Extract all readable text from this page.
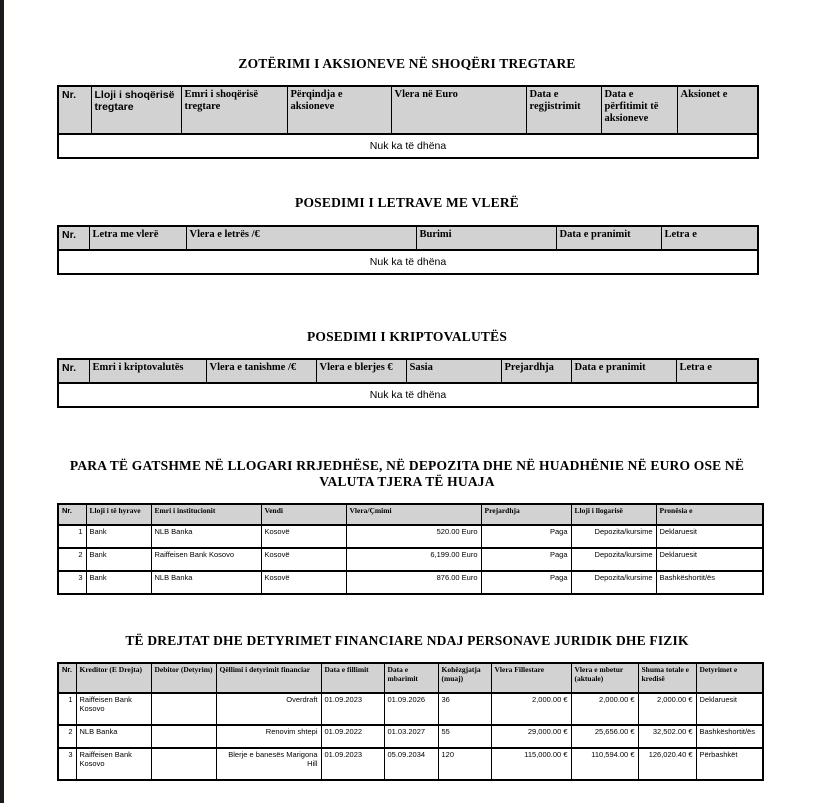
ZOTËRIMI I AKSIONEVE NË SHOQËRI TREGTARE
Nr.	Lloji i shoqërisë tregtare	Emri i shoqërisë tregtare	Përqindja e aksioneve	Vlera në Euro	Data e regjistrimit	Data e përfitimit të aksioneve	Aksionet e
Nuk ka të dhëna
POSEDIMI I LETRAVE ME VLERË
Nr.	Letra me vlerë	Vlera e letrës /€	Burimi	Data e pranimit	Letra e
Nuk ka të dhëna
POSEDIMI I KRIPTOVALUTËS
Nr.	Emri i kriptovalutës	Vlera e tanishme /€	Vlera e blerjes €	Sasia	Prejardhja	Data e pranimit	Letra e
Nuk ka të dhëna
PARA TË GATSHME NË LLOGARI RRJEDHËSE, NË DEPOZITA DHE NË HUADHËNIE NË EURO OSE NË VALUTA TJERA TË HUAJA
Nr.	Lloji i të hyrave	Emri i institucionit	Vendi	Vlera/Çmimi	Prejardhja	Lloji i llogarisë	Pronësia e
1	Bank	NLB Banka	Kosovë	520.00 Euro	Paga	Depozita/kursime	Deklaruesit
2	Bank	Raiffeisen Bank Kosovo	Kosovë	6,199.00 Euro	Paga	Depozita/kursime	Deklaruesit
3	Bank	NLB Banka	Kosovë	876.00 Euro	Paga	Depozita/kursime	Bashkëshortit/ës
TË DREJTAT DHE DETYRIMET FINANCIARE NDAJ PERSONAVE JURIDIK DHE FIZIK
Nr.	Kreditor (E Drejta)	Debitor (Detyrim)	Qëllimi i detyrimit financiar	Data e fillimit	Data e mbarimit	Kohëzgjatja (muaj)	Vlera Fillestare	Vlera e mbetur (aktuale)	Shuma totale e kredisë	Detyrimet e
1	Raiffeisen Bank Kosovo		Overdraft	01.09.2023	01.09.2026	36	2,000.00 €	2,000.00 €	2,000.00 €	Deklaruesit
2	NLB Banka		Renovim shtepi	01.09.2022	01.03.2027	55	29,000.00 €	25,656.00 €	32,502.00 €	Bashkëshortit/ës
3	Raiffeisen Bank Kosovo		Blerje e banesës Marigona Hill	01.09.2023	05.09.2034	120	115,000.00 €	110,594.00 €	126,020.40 €	Përbashkët
